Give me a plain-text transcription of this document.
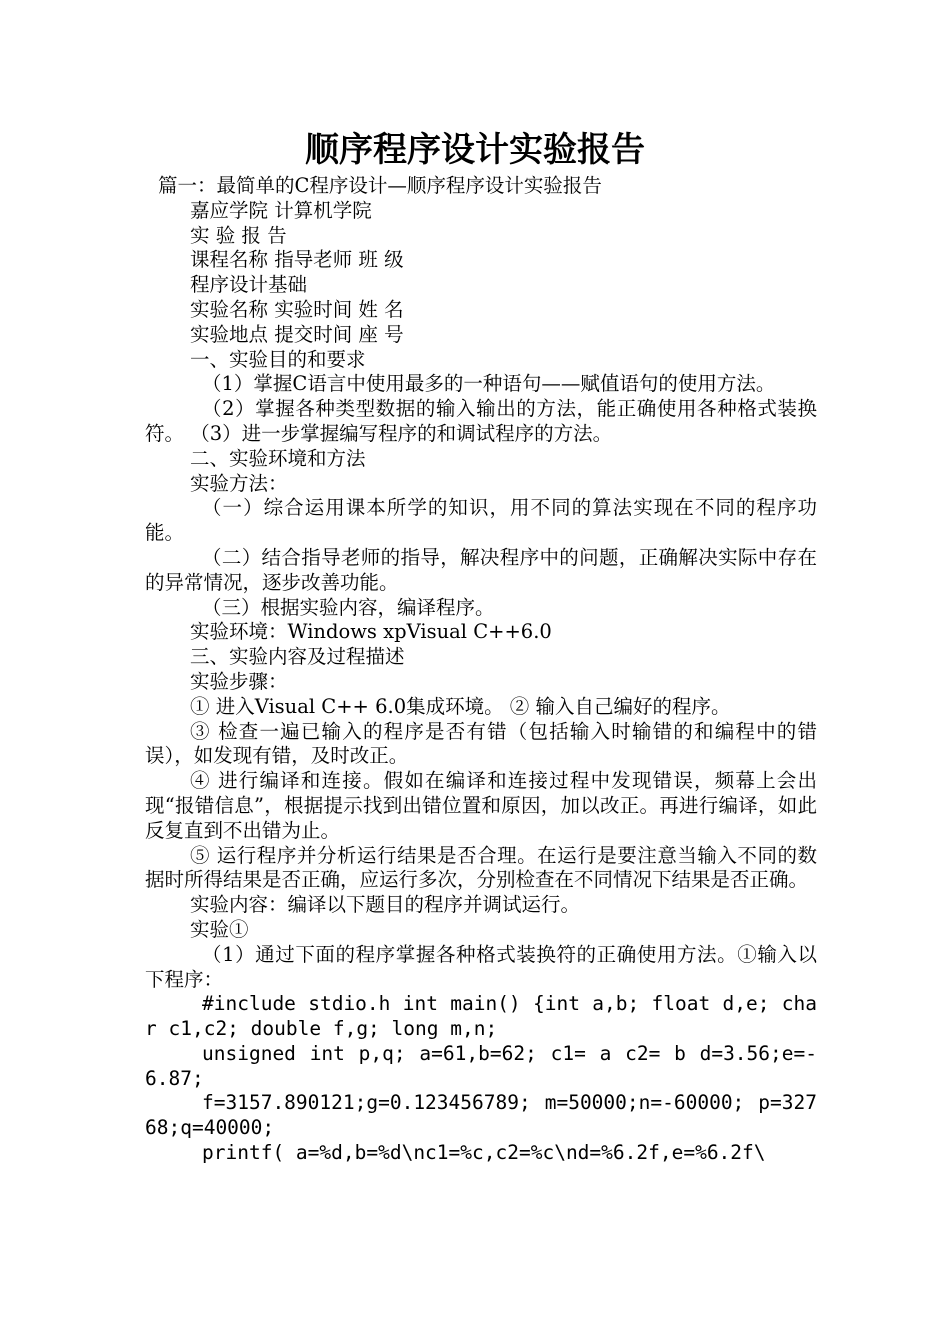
顺序程序设计实验报告

篇一：最简单的C程序设计—顺序程序设计实验报告

嘉应学院 计算机学院

实 验 报 告

课程名称 指导老师 班 级

程序设计基础

实验名称 实验时间 姓 名

实验地点 提交时间 座 号

一、实验目的和要求

（1）掌握C语言中使用最多的一种语句——赋值语句的使用方法。

（2）掌握各种类型数据的输入输出的方法，能正确使用各种格式装换符。 （3）进一步掌握编写程序的和调试程序的方法。

二、实验环境和方法

实验方法：

（一）综合运用课本所学的知识，用不同的算法实现在不同的程序功能。

（二）结合指导老师的指导，解决程序中的问题，正确解决实际中存在的异常情况，逐步改善功能。

（三）根据实验内容，编译程序。

实验环境：Windows xpVisual C++6.0

三、实验内容及过程描述

实验步骤：

① 进入Visual C++ 6.0集成环境。 ② 输入自己编好的程序。

③ 检查一遍已输入的程序是否有错（包括输入时输错的和编程中的错误），如发现有错，及时改正。

④ 进行编译和连接。假如在编译和连接过程中发现错误，频幕上会出现“报错信息”，根据提示找到出错位置和原因，加以改正。再进行编译，如此反复直到不出错为止。

⑤ 运行程序并分析运行结果是否合理。在运行是要注意当输入不同的数据时所得结果是否正确，应运行多次，分别检查在不同情况下结果是否正确。

实验内容：编译以下题目的程序并调试运行。

实验①

（1）通过下面的程序掌握各种格式装换符的正确使用方法。①输入以下程序：

#include stdio.h int main() {int a,b; float d,e; char c1,c2; double f,g; long m,n;

unsigned int p,q; a=61,b=62; c1= a c2= b d=3.56;e=-6.87;

f=3157.890121;g=0.123456789; m=50000;n=-60000; p=32768;q=40000;

printf( a=%d,b=%d\nc1=%c,c2=%c\nd=%6.2f,e=%6.2f\
